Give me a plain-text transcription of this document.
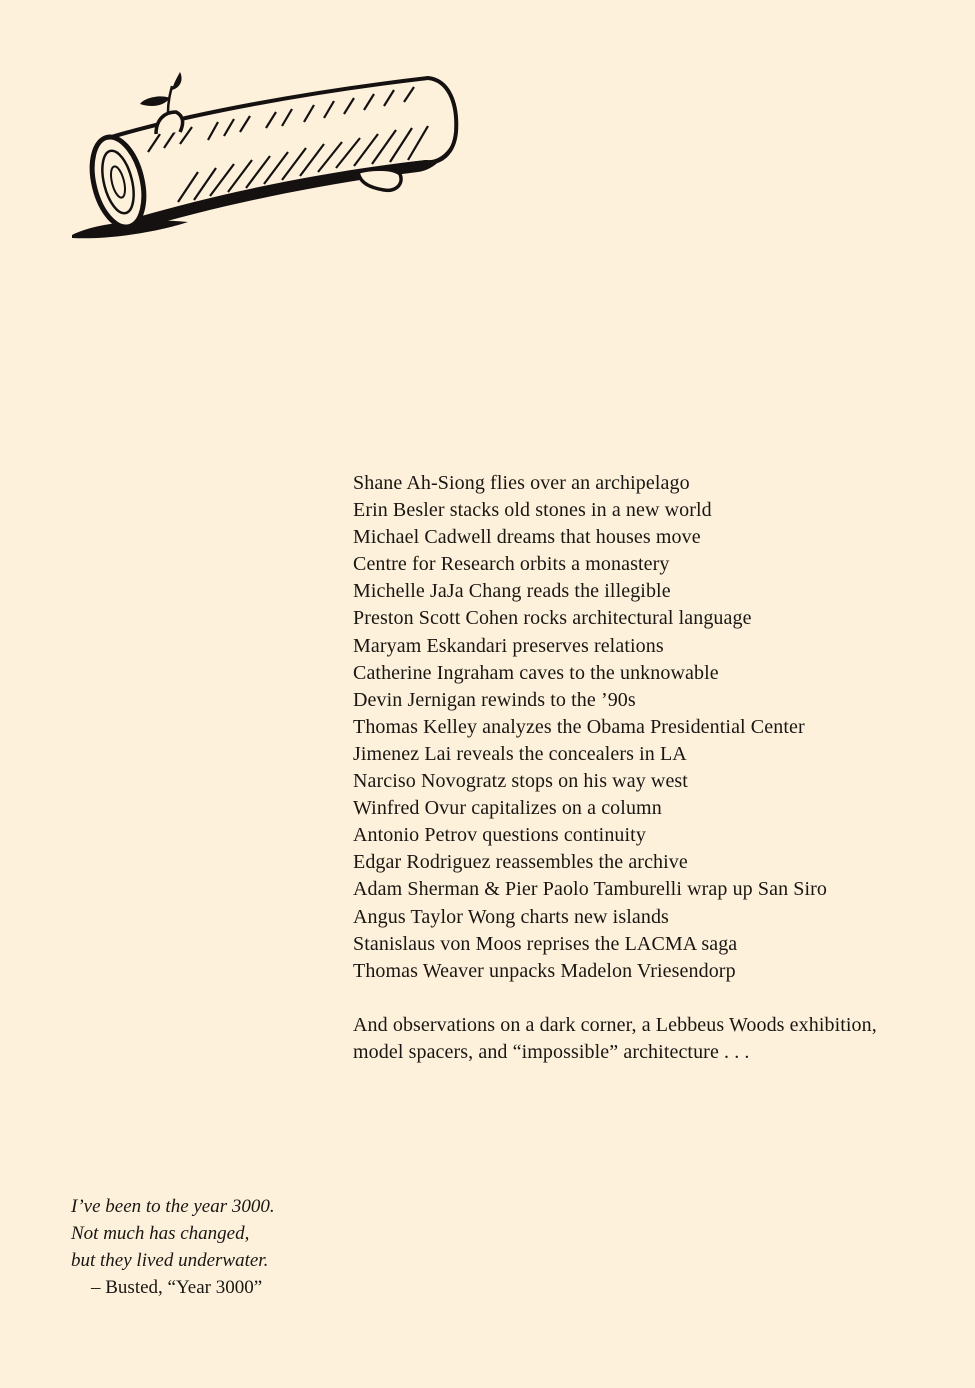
Shane Ah-Siong flies over an archipelago
Erin Besler stacks old stones in a new world
Michael Cadwell dreams that houses move
Centre for Research orbits a monastery
Michelle JaJa Chang reads the illegible
Preston Scott Cohen rocks architectural language
Maryam Eskandari preserves relations
Catherine Ingraham caves to the unknowable
Devin Jernigan rewinds to the ’90s
Thomas Kelley analyzes the Obama Presidential Center
Jimenez Lai reveals the concealers in LA
Narciso Novogratz stops on his way west
Winfred Ovur capitalizes on a column
Antonio Petrov questions continuity
Edgar Rodriguez reassembles the archive
Adam Sherman & Pier Paolo Tamburelli wrap up San Siro
Angus Taylor Wong charts new islands
Stanislaus von Moos reprises the LACMA saga
Thomas Weaver unpacks Madelon Vriesendorp

And observations on a dark corner, a Lebbeus Woods exhibition,

model spacers, and “impossible” architecture . . .

I’ve been to the year 3000.
Not much has changed,
but they lived underwater.
– Busted, “Year 3000”
